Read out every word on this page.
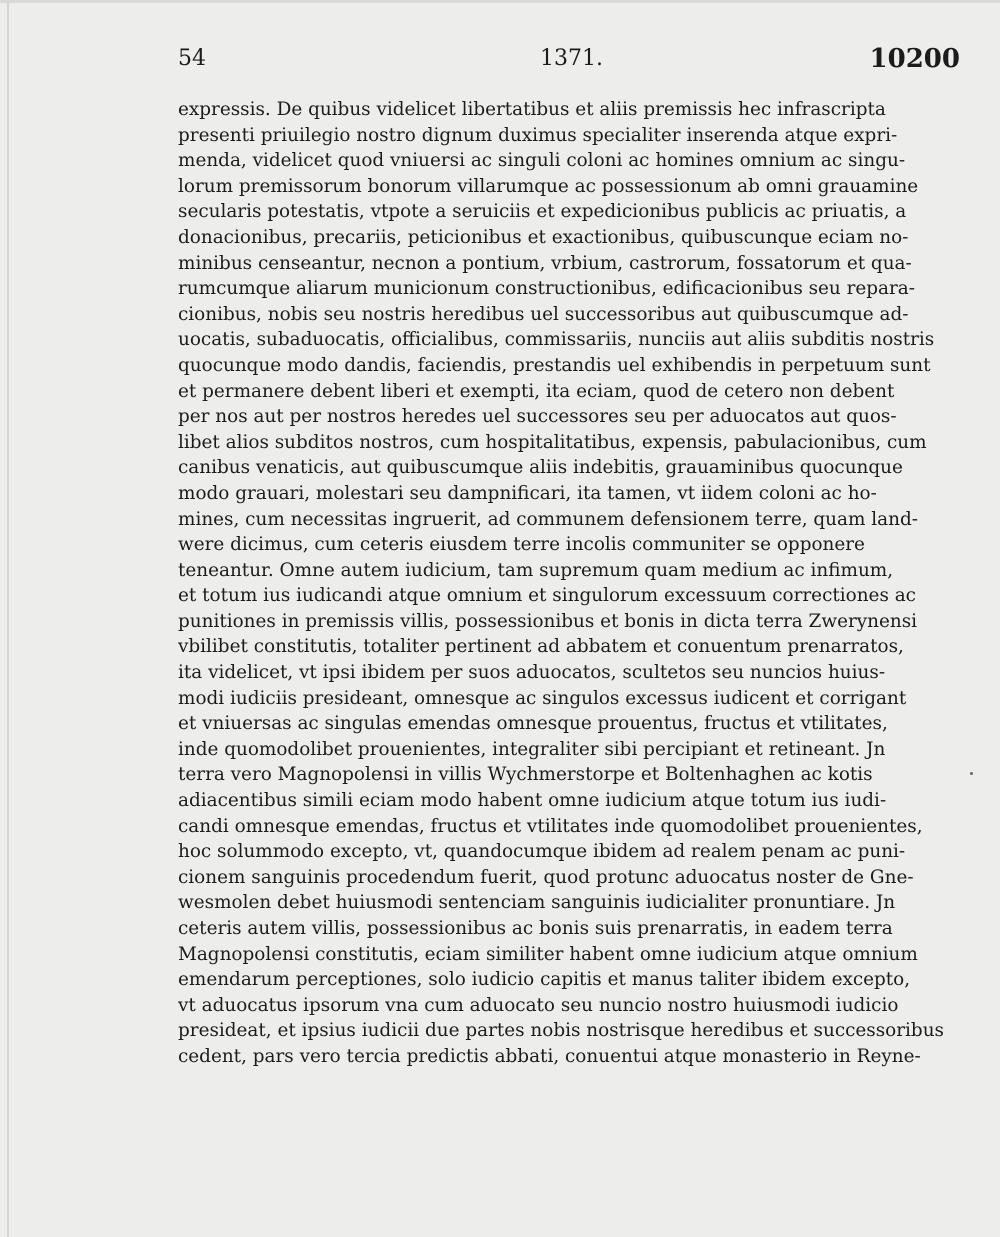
54	1371.	10200
expressis. De quibus videlicet libertatibus et aliis premissis hec infrascripta
presenti priuilegio nostro dignum duximus specialiter inserenda atque expri-
menda, videlicet quod vniuersi ac singuli coloni ac homines omnium ac singu-
lorum premissorum bonorum villarumque ac possessionum ab omni grauamine
secularis potestatis, vtpote a seruiciis et expedicionibus publicis ac priuatis, a
donacionibus, precariis, peticionibus et exactionibus, quibuscunque eciam no-
minibus censeantur, necnon a pontium, vrbium, castrorum, fossatorum et qua-
rumcumque aliarum municionum constructionibus, edificacionibus seu repara-
cionibus, nobis seu nostris heredibus uel successoribus aut quibuscumque ad-
uocatis, subaduocatis, officialibus, commissariis, nunciis aut aliis subditis nostris
quocunque modo dandis, faciendis, prestandis uel exhibendis in perpetuum sunt
et permanere debent liberi et exempti, ita eciam, quod de cetero non debent
per nos aut per nostros heredes uel successores seu per aduocatos aut quos-
libet alios subditos nostros, cum hospitalitatibus, expensis, pabulacionibus, cum
canibus venaticis, aut quibuscumque aliis indebitis, grauaminibus quocunque
modo grauari, molestari seu dampnificari, ita tamen, vt iidem coloni ac ho-
mines, cum necessitas ingruerit, ad communem defensionem terre, quam land-
were dicimus, cum ceteris eiusdem terre incolis communiter se opponere
teneantur. Omne autem iudicium, tam supremum quam medium ac infimum,
et totum ius iudicandi atque omnium et singulorum excessuum correctiones ac
punitiones in premissis villis, possessionibus et bonis in dicta terra Zwerynensi
vbilibet constitutis, totaliter pertinent ad abbatem et conuentum prenarratos,
ita videlicet, vt ipsi ibidem per suos aduocatos, scultetos seu nuncios huius-
modi iudiciis presideant, omnesque ac singulos excessus iudicent et corrigant
et vniuersas ac singulas emendas omnesque prouentus, fructus et vtilitates,
inde quomodolibet prouenientes, integraliter sibi percipiant et retineant. Jn
terra vero Magnopolensi in villis Wychmerstorpe et Boltenhaghen ac kotis
adiacentibus simili eciam modo habent omne iudicium atque totum ius iudi-
candi omnesque emendas, fructus et vtilitates inde quomodolibet prouenientes,
hoc solummodo excepto, vt, quandocumque ibidem ad realem penam ac puni-
cionem sanguinis procedendum fuerit, quod protunc aduocatus noster de Gne-
wesmolen debet huiusmodi sentenciam sanguinis iudicialiter pronuntiare. Jn
ceteris autem villis, possessionibus ac bonis suis prenarratis, in eadem terra
Magnopolensi constitutis, eciam similiter habent omne iudicium atque omnium
emendarum perceptiones, solo iudicio capitis et manus taliter ibidem excepto,
vt aduocatus ipsorum vna cum aduocato seu nuncio nostro huiusmodi iudicio
presideat, et ipsius iudicii due partes nobis nostrisque heredibus et successoribus
cedent, pars vero tercia predictis abbati, conuentui atque monasterio in Reyne-
